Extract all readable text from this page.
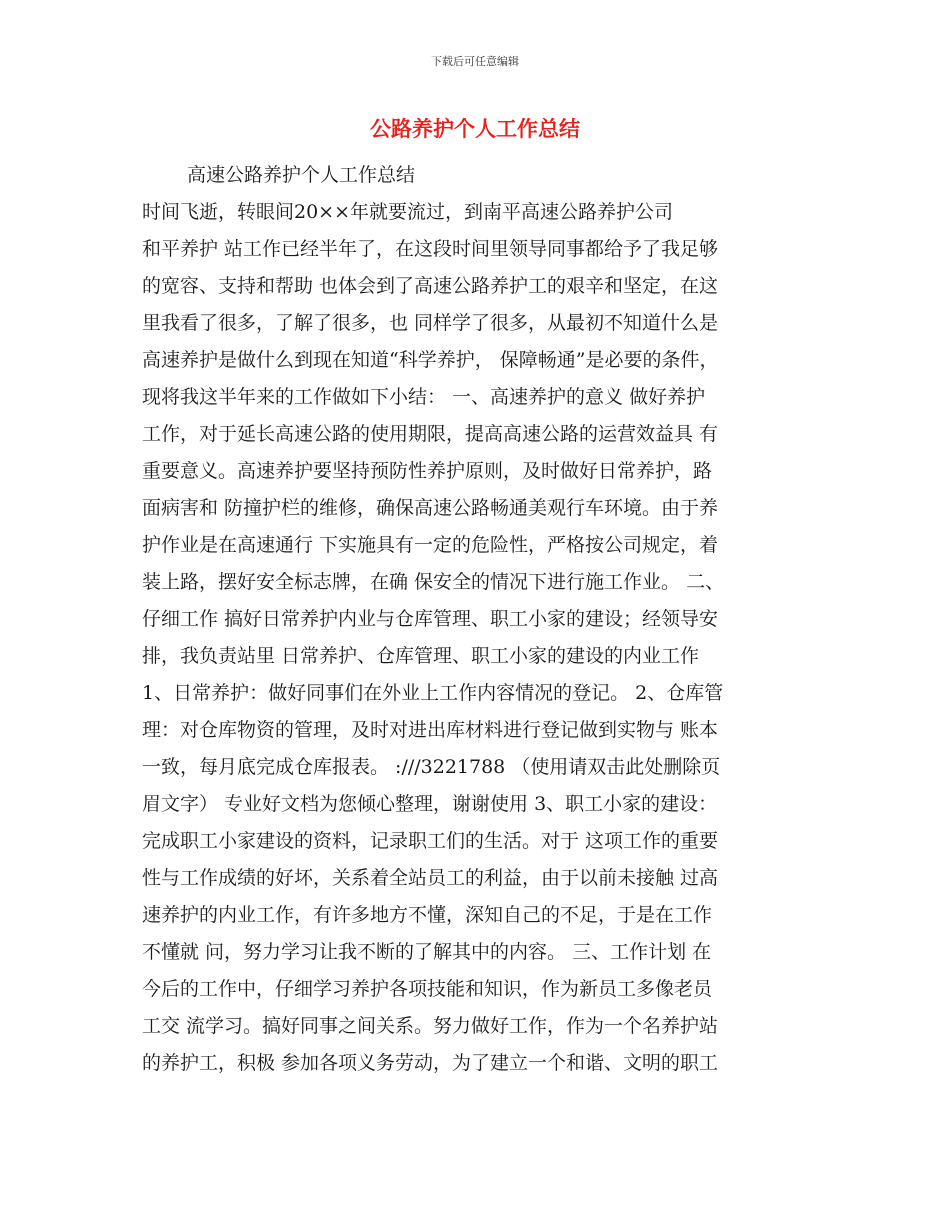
下载后可任意编辑
公路养护个人工作总结
高速公路养护个人工作总结
时间飞逝，转眼间20××年就要流过，到南平高速公路养护公司
和平养护 站工作已经半年了，在这段时间里领导同事都给予了我足够
的宽容、支持和帮助 也体会到了高速公路养护工的艰辛和坚定，在这
里我看了很多，了解了很多，也 同样学了很多，从最初不知道什么是
高速养护是做什么到现在知道“科学养护， 保障畅通”是必要的条件，
现将我这半年来的工作做如下小结： 一、高速养护的意义 做好养护
工作，对于延长高速公路的使用期限，提高高速公路的运营效益具 有
重要意义。高速养护要坚持预防性养护原则，及时做好日常养护，路
面病害和 防撞护栏的维修，确保高速公路畅通美观行车环境。由于养
护作业是在高速通行 下实施具有一定的危险性，严格按公司规定，着
装上路，摆好安全标志牌，在确 保安全的情况下进行施工作业。 二、
仔细工作 搞好日常养护内业与仓库管理、职工小家的建设；经领导安
排，我负责站里 日常养护、仓库管理、职工小家的建设的内业工作
1、日常养护：做好同事们在外业上工作内容情况的登记。 2、仓库管
理：对仓库物资的管理，及时对进出库材料进行登记做到实物与 账本
一致，每月底完成仓库报表。 :///3221788 （使用请双击此处删除页
眉文字） 专业好文档为您倾心整理，谢谢使用 3、职工小家的建设：
完成职工小家建设的资料，记录职工们的生活。对于 这项工作的重要
性与工作成绩的好坏，关系着全站员工的利益，由于以前未接触 过高
速养护的内业工作，有许多地方不懂，深知自己的不足，于是在工作
不懂就 问，努力学习让我不断的了解其中的内容。 三、工作计划 在
今后的工作中，仔细学习养护各项技能和知识，作为新员工多像老员
工交 流学习。搞好同事之间关系。努力做好工作，作为一个名养护站
的养护工，积极 参加各项义务劳动，为了建立一个和谐、文明的职工
